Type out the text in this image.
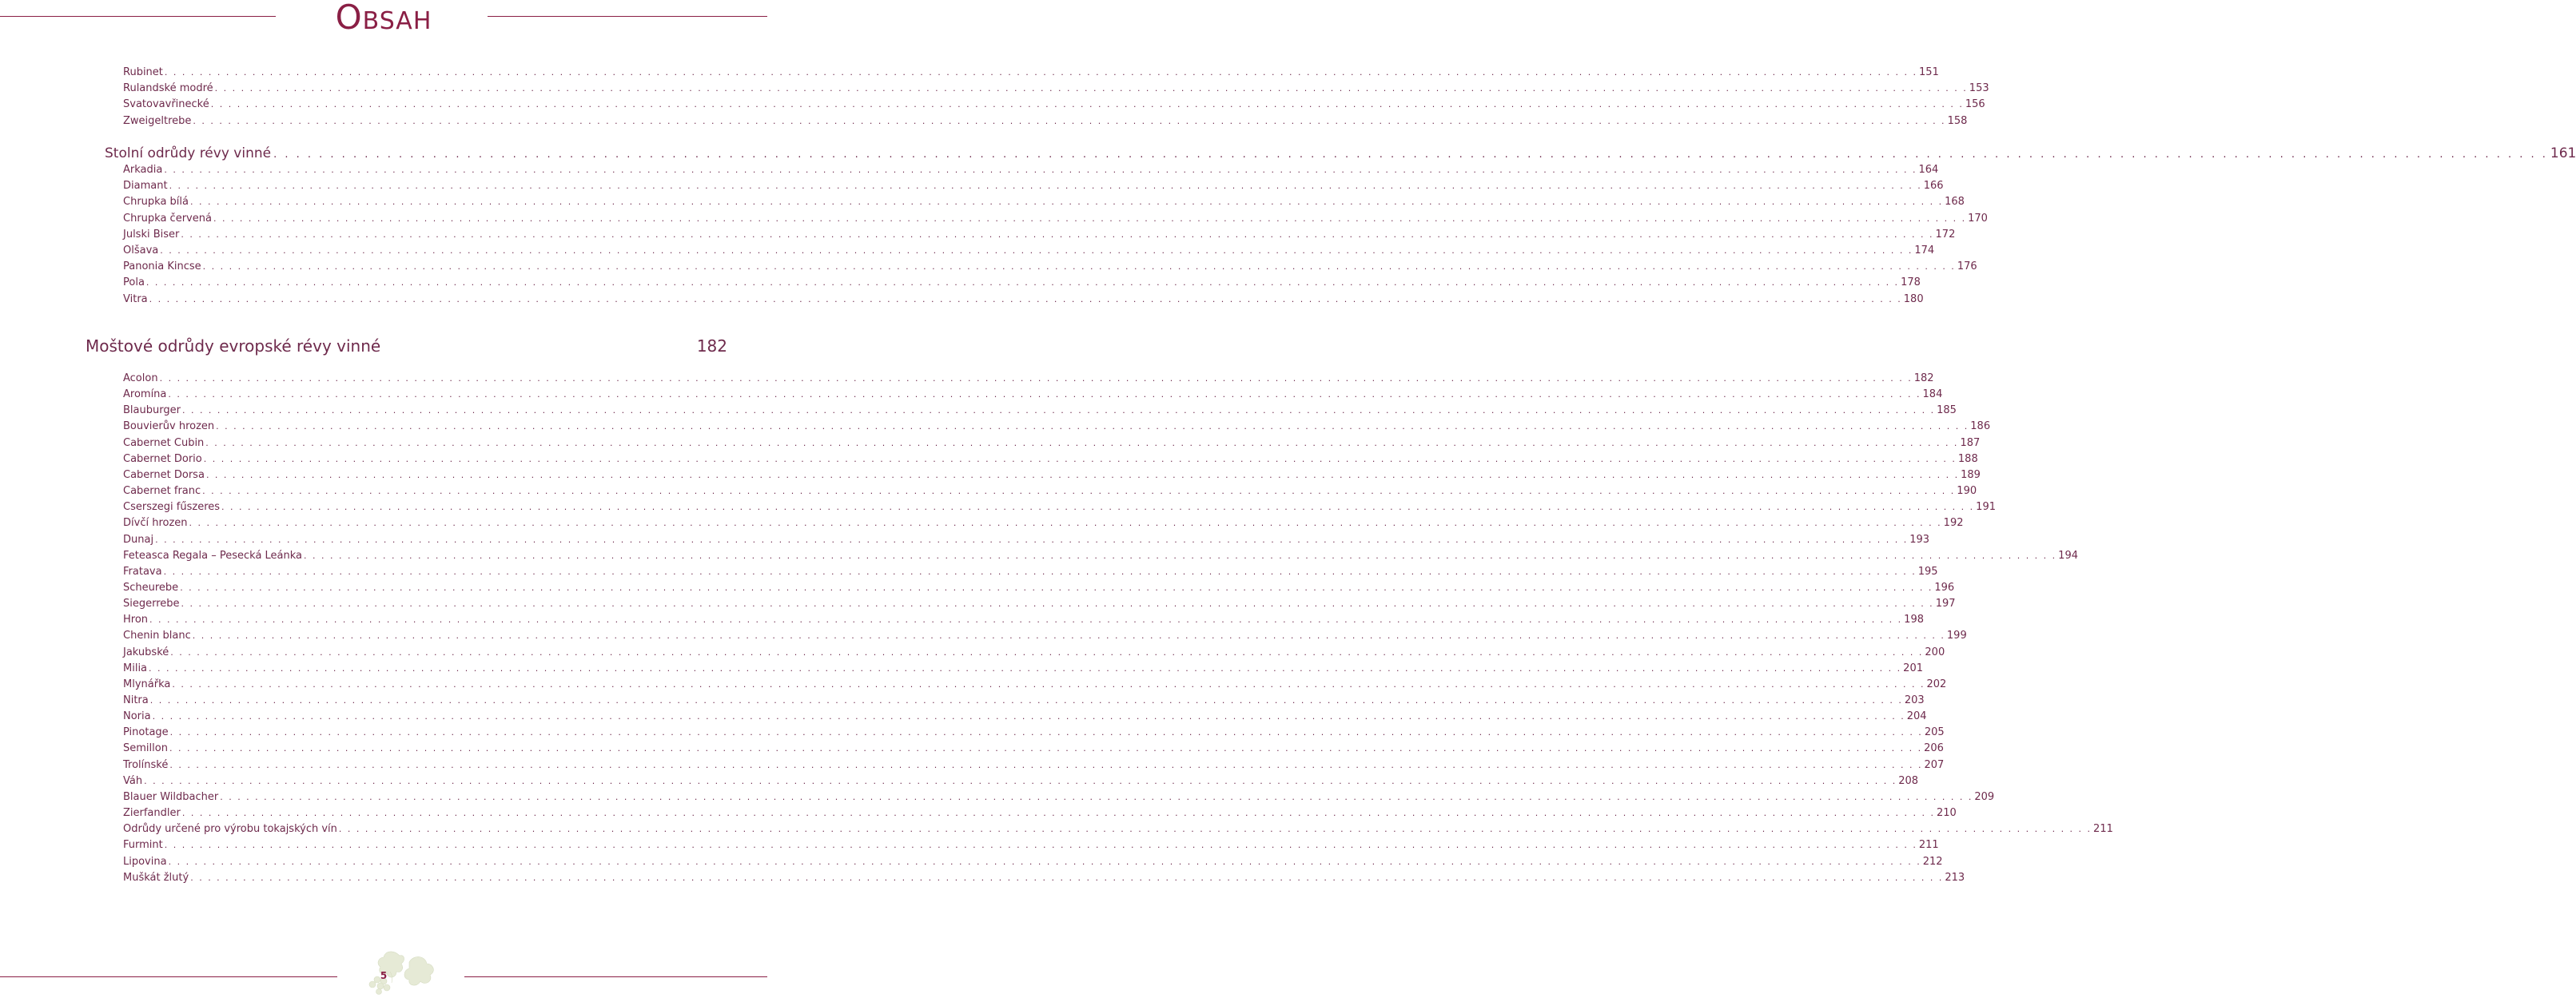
OBSAH
Rubinet . . . . . . . . . . . . . . . . . . . . . . . . . . . . . . . . . . . . . . . . . . . . . . . . . . . . . . . . . . . . . . . . . . . . . . . . . . . . . . . . . . . . . . . . . . . . . . . . . . . . . . . . . . . . . . . . . . . . . . . . . . . . . . . . . . . . . . . . . . . . . . . . . . . . . . . . . . . . . . . . . . . . . . . . . . . . . . . . . . . . . . . . . . . . . . . . . . . . . . . . 151
Rulandské modré . . . . . . . . . . . . . . . . . . . . . . . . . . . . . . . . . . . . . . . . . . . . . . . . . . . . . . . . . . . . . . . . . . . . . . . . . . . . . . . . . . . . . . . . . . . . . . . . . . . . . . . . . . . . . . . . . . . . . . . . . . . . . . . . . . . . . . . . . . . . . . . . . . . . . . . . . . . . . . . . . . . . . . . . . . . . . . . . . . . . . . . . . . . . . . . . . . . . . . . . 153
Svatovavřinecké . . . . . . . . . . . . . . . . . . . . . . . . . . . . . . . . . . . . . . . . . . . . . . . . . . . . . . . . . . . . . . . . . . . . . . . . . . . . . . . . . . . . . . . . . . . . . . . . . . . . . . . . . . . . . . . . . . . . . . . . . . . . . . . . . . . . . . . . . . . . . . . . . . . . . . . . . . . . . . . . . . . . . . . . . . . . . . . . . . . . . . . . . . . . . . . . . . . . . . . . 156
Zweigeltrebe . . . . . . . . . . . . . . . . . . . . . . . . . . . . . . . . . . . . . . . . . . . . . . . . . . . . . . . . . . . . . . . . . . . . . . . . . . . . . . . . . . . . . . . . . . . . . . . . . . . . . . . . . . . . . . . . . . . . . . . . . . . . . . . . . . . . . . . . . . . . . . . . . . . . . . . . . . . . . . . . . . . . . . . . . . . . . . . . . . . . . . . . . . . . . . . . . . . . . . . . 158
Stolní odrůdy révy vinné . . . . . . . . . . . . . . . . . . . . . . . . . . . . . . . . . . . . . . . . . . . . . . . . . . . . . . . . . . . . . . . . . . . . . . . . . . . . . . . . . . . . . . . . . . . . . . . . . . . . . . . . . . . . . . . . . . . . . . . . . . . . . . . . . . . . . . . . . . . . . . . . . . . . . . . . . . . . . . . . . . . . . . . . . . . . . . . . . . . . . . . . . . . . . . . . . . . . . . . . 161
Arkadia . . . . . . . . . . . . . . . . . . . . . . . . . . . . . . . . . . . . . . . . . . . . . . . . . . . . . . . . . . . . . . . . . . . . . . . . . . . . . . . . . . . . . . . . . . . . . . . . . . . . . . . . . . . . . . . . . . . . . . . . . . . . . . . . . . . . . . . . . . . . . . . . . . . . . . . . . . . . . . . . . . . . . . . . . . . . . . . . . . . . . . . . . . . . . . . . . . . . . . . . 164
Diamant . . . . . . . . . . . . . . . . . . . . . . . . . . . . . . . . . . . . . . . . . . . . . . . . . . . . . . . . . . . . . . . . . . . . . . . . . . . . . . . . . . . . . . . . . . . . . . . . . . . . . . . . . . . . . . . . . . . . . . . . . . . . . . . . . . . . . . . . . . . . . . . . . . . . . . . . . . . . . . . . . . . . . . . . . . . . . . . . . . . . . . . . . . . . . . . . . . . . . . . . 166
Chrupka bílá . . . . . . . . . . . . . . . . . . . . . . . . . . . . . . . . . . . . . . . . . . . . . . . . . . . . . . . . . . . . . . . . . . . . . . . . . . . . . . . . . . . . . . . . . . . . . . . . . . . . . . . . . . . . . . . . . . . . . . . . . . . . . . . . . . . . . . . . . . . . . . . . . . . . . . . . . . . . . . . . . . . . . . . . . . . . . . . . . . . . . . . . . . . . . . . . . . . . . . . . 168
Chrupka červená . . . . . . . . . . . . . . . . . . . . . . . . . . . . . . . . . . . . . . . . . . . . . . . . . . . . . . . . . . . . . . . . . . . . . . . . . . . . . . . . . . . . . . . . . . . . . . . . . . . . . . . . . . . . . . . . . . . . . . . . . . . . . . . . . . . . . . . . . . . . . . . . . . . . . . . . . . . . . . . . . . . . . . . . . . . . . . . . . . . . . . . . . . . . . . . . . . . . . . . . 170
Julski Biser . . . . . . . . . . . . . . . . . . . . . . . . . . . . . . . . . . . . . . . . . . . . . . . . . . . . . . . . . . . . . . . . . . . . . . . . . . . . . . . . . . . . . . . . . . . . . . . . . . . . . . . . . . . . . . . . . . . . . . . . . . . . . . . . . . . . . . . . . . . . . . . . . . . . . . . . . . . . . . . . . . . . . . . . . . . . . . . . . . . . . . . . . . . . . . . . . . . . . . . . 172
Olšava . . . . . . . . . . . . . . . . . . . . . . . . . . . . . . . . . . . . . . . . . . . . . . . . . . . . . . . . . . . . . . . . . . . . . . . . . . . . . . . . . . . . . . . . . . . . . . . . . . . . . . . . . . . . . . . . . . . . . . . . . . . . . . . . . . . . . . . . . . . . . . . . . . . . . . . . . . . . . . . . . . . . . . . . . . . . . . . . . . . . . . . . . . . . . . . . . . . . . . . . 174
Panonia Kincse . . . . . . . . . . . . . . . . . . . . . . . . . . . . . . . . . . . . . . . . . . . . . . . . . . . . . . . . . . . . . . . . . . . . . . . . . . . . . . . . . . . . . . . . . . . . . . . . . . . . . . . . . . . . . . . . . . . . . . . . . . . . . . . . . . . . . . . . . . . . . . . . . . . . . . . . . . . . . . . . . . . . . . . . . . . . . . . . . . . . . . . . . . . . . . . . . . . . . . . . 176
Pola . . . . . . . . . . . . . . . . . . . . . . . . . . . . . . . . . . . . . . . . . . . . . . . . . . . . . . . . . . . . . . . . . . . . . . . . . . . . . . . . . . . . . . . . . . . . . . . . . . . . . . . . . . . . . . . . . . . . . . . . . . . . . . . . . . . . . . . . . . . . . . . . . . . . . . . . . . . . . . . . . . . . . . . . . . . . . . . . . . . . . . . . . . . . . . . . . . . . . . . . 178
Vitra . . . . . . . . . . . . . . . . . . . . . . . . . . . . . . . . . . . . . . . . . . . . . . . . . . . . . . . . . . . . . . . . . . . . . . . . . . . . . . . . . . . . . . . . . . . . . . . . . . . . . . . . . . . . . . . . . . . . . . . . . . . . . . . . . . . . . . . . . . . . . . . . . . . . . . . . . . . . . . . . . . . . . . . . . . . . . . . . . . . . . . . . . . . . . . . . . . . . . . . . 180
Moštové odrůdy evropské révy vinné	182
Acolon . . . . . . . . . . . . . . . . . . . . . . . . . . . . . . . . . . . . . . . . . . . . . . . . . . . . . . . . . . . . . . . . . . . . . . . . . . . . . . . . . . . . . . . . . . . . . . . . . . . . . . . . . . . . . . . . . . . . . . . . . . . . . . . . . . . . . . . . . . . . . . . . . . . . . . . . . . . . . . . . . . . . . . . . . . . . . . . . . . . . . . . . . . . . . . . . . . . . . . . . 182
Aromína . . . . . . . . . . . . . . . . . . . . . . . . . . . . . . . . . . . . . . . . . . . . . . . . . . . . . . . . . . . . . . . . . . . . . . . . . . . . . . . . . . . . . . . . . . . . . . . . . . . . . . . . . . . . . . . . . . . . . . . . . . . . . . . . . . . . . . . . . . . . . . . . . . . . . . . . . . . . . . . . . . . . . . . . . . . . . . . . . . . . . . . . . . . . . . . . . . . . . . . . 184
Blauburger . . . . . . . . . . . . . . . . . . . . . . . . . . . . . . . . . . . . . . . . . . . . . . . . . . . . . . . . . . . . . . . . . . . . . . . . . . . . . . . . . . . . . . . . . . . . . . . . . . . . . . . . . . . . . . . . . . . . . . . . . . . . . . . . . . . . . . . . . . . . . . . . . . . . . . . . . . . . . . . . . . . . . . . . . . . . . . . . . . . . . . . . . . . . . . . . . . . . . . . . 185
Bouvierův hrozen . . . . . . . . . . . . . . . . . . . . . . . . . . . . . . . . . . . . . . . . . . . . . . . . . . . . . . . . . . . . . . . . . . . . . . . . . . . . . . . . . . . . . . . . . . . . . . . . . . . . . . . . . . . . . . . . . . . . . . . . . . . . . . . . . . . . . . . . . . . . . . . . . . . . . . . . . . . . . . . . . . . . . . . . . . . . . . . . . . . . . . . . . . . . . . . . . . . . . . . . 186
Cabernet Cubin . . . . . . . . . . . . . . . . . . . . . . . . . . . . . . . . . . . . . . . . . . . . . . . . . . . . . . . . . . . . . . . . . . . . . . . . . . . . . . . . . . . . . . . . . . . . . . . . . . . . . . . . . . . . . . . . . . . . . . . . . . . . . . . . . . . . . . . . . . . . . . . . . . . . . . . . . . . . . . . . . . . . . . . . . . . . . . . . . . . . . . . . . . . . . . . . . . . . . . . . 187
Cabernet Dorio . . . . . . . . . . . . . . . . . . . . . . . . . . . . . . . . . . . . . . . . . . . . . . . . . . . . . . . . . . . . . . . . . . . . . . . . . . . . . . . . . . . . . . . . . . . . . . . . . . . . . . . . . . . . . . . . . . . . . . . . . . . . . . . . . . . . . . . . . . . . . . . . . . . . . . . . . . . . . . . . . . . . . . . . . . . . . . . . . . . . . . . . . . . . . . . . . . . . . . . . 188
Cabernet Dorsa . . . . . . . . . . . . . . . . . . . . . . . . . . . . . . . . . . . . . . . . . . . . . . . . . . . . . . . . . . . . . . . . . . . . . . . . . . . . . . . . . . . . . . . . . . . . . . . . . . . . . . . . . . . . . . . . . . . . . . . . . . . . . . . . . . . . . . . . . . . . . . . . . . . . . . . . . . . . . . . . . . . . . . . . . . . . . . . . . . . . . . . . . . . . . . . . . . . . . . . . 189
Cabernet franc . . . . . . . . . . . . . . . . . . . . . . . . . . . . . . . . . . . . . . . . . . . . . . . . . . . . . . . . . . . . . . . . . . . . . . . . . . . . . . . . . . . . . . . . . . . . . . . . . . . . . . . . . . . . . . . . . . . . . . . . . . . . . . . . . . . . . . . . . . . . . . . . . . . . . . . . . . . . . . . . . . . . . . . . . . . . . . . . . . . . . . . . . . . . . . . . . . . . . . . . 190
Cserszegi fűszeres . . . . . . . . . . . . . . . . . . . . . . . . . . . . . . . . . . . . . . . . . . . . . . . . . . . . . . . . . . . . . . . . . . . . . . . . . . . . . . . . . . . . . . . . . . . . . . . . . . . . . . . . . . . . . . . . . . . . . . . . . . . . . . . . . . . . . . . . . . . . . . . . . . . . . . . . . . . . . . . . . . . . . . . . . . . . . . . . . . . . . . . . . . . . . . . . . . . . . . . . 191
Dívčí hrozen . . . . . . . . . . . . . . . . . . . . . . . . . . . . . . . . . . . . . . . . . . . . . . . . . . . . . . . . . . . . . . . . . . . . . . . . . . . . . . . . . . . . . . . . . . . . . . . . . . . . . . . . . . . . . . . . . . . . . . . . . . . . . . . . . . . . . . . . . . . . . . . . . . . . . . . . . . . . . . . . . . . . . . . . . . . . . . . . . . . . . . . . . . . . . . . . . . . . . . . . 192
Dunaj . . . . . . . . . . . . . . . . . . . . . . . . . . . . . . . . . . . . . . . . . . . . . . . . . . . . . . . . . . . . . . . . . . . . . . . . . . . . . . . . . . . . . . . . . . . . . . . . . . . . . . . . . . . . . . . . . . . . . . . . . . . . . . . . . . . . . . . . . . . . . . . . . . . . . . . . . . . . . . . . . . . . . . . . . . . . . . . . . . . . . . . . . . . . . . . . . . . . . . . . 193
Feteasca Regala – Pesecká Leánka . . . . . . . . . . . . . . . . . . . . . . . . . . . . . . . . . . . . . . . . . . . . . . . . . . . . . . . . . . . . . . . . . . . . . . . . . . . . . . . . . . . . . . . . . . . . . . . . . . . . . . . . . . . . . . . . . . . . . . . . . . . . . . . . . . . . . . . . . . . . . . . . . . . . . . . . . . . . . . . . . . . . . . . . . . . . . . . . . . . . . . . . . . . . . . . . . . . . . . . . 194
Fratava . . . . . . . . . . . . . . . . . . . . . . . . . . . . . . . . . . . . . . . . . . . . . . . . . . . . . . . . . . . . . . . . . . . . . . . . . . . . . . . . . . . . . . . . . . . . . . . . . . . . . . . . . . . . . . . . . . . . . . . . . . . . . . . . . . . . . . . . . . . . . . . . . . . . . . . . . . . . . . . . . . . . . . . . . . . . . . . . . . . . . . . . . . . . . . . . . . . . . . . . 195
Scheurebe . . . . . . . . . . . . . . . . . . . . . . . . . . . . . . . . . . . . . . . . . . . . . . . . . . . . . . . . . . . . . . . . . . . . . . . . . . . . . . . . . . . . . . . . . . . . . . . . . . . . . . . . . . . . . . . . . . . . . . . . . . . . . . . . . . . . . . . . . . . . . . . . . . . . . . . . . . . . . . . . . . . . . . . . . . . . . . . . . . . . . . . . . . . . . . . . . . . . . . . . 196
Siegerrebe . . . . . . . . . . . . . . . . . . . . . . . . . . . . . . . . . . . . . . . . . . . . . . . . . . . . . . . . . . . . . . . . . . . . . . . . . . . . . . . . . . . . . . . . . . . . . . . . . . . . . . . . . . . . . . . . . . . . . . . . . . . . . . . . . . . . . . . . . . . . . . . . . . . . . . . . . . . . . . . . . . . . . . . . . . . . . . . . . . . . . . . . . . . . . . . . . . . . . . . . 197
Hron . . . . . . . . . . . . . . . . . . . . . . . . . . . . . . . . . . . . . . . . . . . . . . . . . . . . . . . . . . . . . . . . . . . . . . . . . . . . . . . . . . . . . . . . . . . . . . . . . . . . . . . . . . . . . . . . . . . . . . . . . . . . . . . . . . . . . . . . . . . . . . . . . . . . . . . . . . . . . . . . . . . . . . . . . . . . . . . . . . . . . . . . . . . . . . . . . . . . . . . . 198
Chenin blanc . . . . . . . . . . . . . . . . . . . . . . . . . . . . . . . . . . . . . . . . . . . . . . . . . . . . . . . . . . . . . . . . . . . . . . . . . . . . . . . . . . . . . . . . . . . . . . . . . . . . . . . . . . . . . . . . . . . . . . . . . . . . . . . . . . . . . . . . . . . . . . . . . . . . . . . . . . . . . . . . . . . . . . . . . . . . . . . . . . . . . . . . . . . . . . . . . . . . . . . . 199
Jakubské . . . . . . . . . . . . . . . . . . . . . . . . . . . . . . . . . . . . . . . . . . . . . . . . . . . . . . . . . . . . . . . . . . . . . . . . . . . . . . . . . . . . . . . . . . . . . . . . . . . . . . . . . . . . . . . . . . . . . . . . . . . . . . . . . . . . . . . . . . . . . . . . . . . . . . . . . . . . . . . . . . . . . . . . . . . . . . . . . . . . . . . . . . . . . . . . . . . . . . . . 200
Milia . . . . . . . . . . . . . . . . . . . . . . . . . . . . . . . . . . . . . . . . . . . . . . . . . . . . . . . . . . . . . . . . . . . . . . . . . . . . . . . . . . . . . . . . . . . . . . . . . . . . . . . . . . . . . . . . . . . . . . . . . . . . . . . . . . . . . . . . . . . . . . . . . . . . . . . . . . . . . . . . . . . . . . . . . . . . . . . . . . . . . . . . . . . . . . . . . . . . . . . . 201
Mlynářka . . . . . . . . . . . . . . . . . . . . . . . . . . . . . . . . . . . . . . . . . . . . . . . . . . . . . . . . . . . . . . . . . . . . . . . . . . . . . . . . . . . . . . . . . . . . . . . . . . . . . . . . . . . . . . . . . . . . . . . . . . . . . . . . . . . . . . . . . . . . . . . . . . . . . . . . . . . . . . . . . . . . . . . . . . . . . . . . . . . . . . . . . . . . . . . . . . . . . . . . 202
Nitra . . . . . . . . . . . . . . . . . . . . . . . . . . . . . . . . . . . . . . . . . . . . . . . . . . . . . . . . . . . . . . . . . . . . . . . . . . . . . . . . . . . . . . . . . . . . . . . . . . . . . . . . . . . . . . . . . . . . . . . . . . . . . . . . . . . . . . . . . . . . . . . . . . . . . . . . . . . . . . . . . . . . . . . . . . . . . . . . . . . . . . . . . . . . . . . . . . . . . . . . 203
Noria . . . . . . . . . . . . . . . . . . . . . . . . . . . . . . . . . . . . . . . . . . . . . . . . . . . . . . . . . . . . . . . . . . . . . . . . . . . . . . . . . . . . . . . . . . . . . . . . . . . . . . . . . . . . . . . . . . . . . . . . . . . . . . . . . . . . . . . . . . . . . . . . . . . . . . . . . . . . . . . . . . . . . . . . . . . . . . . . . . . . . . . . . . . . . . . . . . . . . . . . 204
Pinotage . . . . . . . . . . . . . . . . . . . . . . . . . . . . . . . . . . . . . . . . . . . . . . . . . . . . . . . . . . . . . . . . . . . . . . . . . . . . . . . . . . . . . . . . . . . . . . . . . . . . . . . . . . . . . . . . . . . . . . . . . . . . . . . . . . . . . . . . . . . . . . . . . . . . . . . . . . . . . . . . . . . . . . . . . . . . . . . . . . . . . . . . . . . . . . . . . . . . . . . . 205
Semillon . . . . . . . . . . . . . . . . . . . . . . . . . . . . . . . . . . . . . . . . . . . . . . . . . . . . . . . . . . . . . . . . . . . . . . . . . . . . . . . . . . . . . . . . . . . . . . . . . . . . . . . . . . . . . . . . . . . . . . . . . . . . . . . . . . . . . . . . . . . . . . . . . . . . . . . . . . . . . . . . . . . . . . . . . . . . . . . . . . . . . . . . . . . . . . . . . . . . . . . . 206
Trolínské . . . . . . . . . . . . . . . . . . . . . . . . . . . . . . . . . . . . . . . . . . . . . . . . . . . . . . . . . . . . . . . . . . . . . . . . . . . . . . . . . . . . . . . . . . . . . . . . . . . . . . . . . . . . . . . . . . . . . . . . . . . . . . . . . . . . . . . . . . . . . . . . . . . . . . . . . . . . . . . . . . . . . . . . . . . . . . . . . . . . . . . . . . . . . . . . . . . . . . . . 207
Váh . . . . . . . . . . . . . . . . . . . . . . . . . . . . . . . . . . . . . . . . . . . . . . . . . . . . . . . . . . . . . . . . . . . . . . . . . . . . . . . . . . . . . . . . . . . . . . . . . . . . . . . . . . . . . . . . . . . . . . . . . . . . . . . . . . . . . . . . . . . . . . . . . . . . . . . . . . . . . . . . . . . . . . . . . . . . . . . . . . . . . . . . . . . . . . . . . . . . . . . . 208
Blauer Wildbacher . . . . . . . . . . . . . . . . . . . . . . . . . . . . . . . . . . . . . . . . . . . . . . . . . . . . . . . . . . . . . . . . . . . . . . . . . . . . . . . . . . . . . . . . . . . . . . . . . . . . . . . . . . . . . . . . . . . . . . . . . . . . . . . . . . . . . . . . . . . . . . . . . . . . . . . . . . . . . . . . . . . . . . . . . . . . . . . . . . . . . . . . . . . . . . . . . . . . . . . . 209
Zierfandler . . . . . . . . . . . . . . . . . . . . . . . . . . . . . . . . . . . . . . . . . . . . . . . . . . . . . . . . . . . . . . . . . . . . . . . . . . . . . . . . . . . . . . . . . . . . . . . . . . . . . . . . . . . . . . . . . . . . . . . . . . . . . . . . . . . . . . . . . . . . . . . . . . . . . . . . . . . . . . . . . . . . . . . . . . . . . . . . . . . . . . . . . . . . . . . . . . . . . . . . 210
Odrůdy určené pro výrobu tokajských vín . . . . . . . . . . . . . . . . . . . . . . . . . . . . . . . . . . . . . . . . . . . . . . . . . . . . . . . . . . . . . . . . . . . . . . . . . . . . . . . . . . . . . . . . . . . . . . . . . . . . . . . . . . . . . . . . . . . . . . . . . . . . . . . . . . . . . . . . . . . . . . . . . . . . . . . . . . . . . . . . . . . . . . . . . . . . . . . . . . . . . . . . . . . . . . . . . . . . . . . . 211
Furmint . . . . . . . . . . . . . . . . . . . . . . . . . . . . . . . . . . . . . . . . . . . . . . . . . . . . . . . . . . . . . . . . . . . . . . . . . . . . . . . . . . . . . . . . . . . . . . . . . . . . . . . . . . . . . . . . . . . . . . . . . . . . . . . . . . . . . . . . . . . . . . . . . . . . . . . . . . . . . . . . . . . . . . . . . . . . . . . . . . . . . . . . . . . . . . . . . . . . . . . . 211
Lipovina . . . . . . . . . . . . . . . . . . . . . . . . . . . . . . . . . . . . . . . . . . . . . . . . . . . . . . . . . . . . . . . . . . . . . . . . . . . . . . . . . . . . . . . . . . . . . . . . . . . . . . . . . . . . . . . . . . . . . . . . . . . . . . . . . . . . . . . . . . . . . . . . . . . . . . . . . . . . . . . . . . . . . . . . . . . . . . . . . . . . . . . . . . . . . . . . . . . . . . . . 212
Muškát žlutý . . . . . . . . . . . . . . . . . . . . . . . . . . . . . . . . . . . . . . . . . . . . . . . . . . . . . . . . . . . . . . . . . . . . . . . . . . . . . . . . . . . . . . . . . . . . . . . . . . . . . . . . . . . . . . . . . . . . . . . . . . . . . . . . . . . . . . . . . . . . . . . . . . . . . . . . . . . . . . . . . . . . . . . . . . . . . . . . . . . . . . . . . . . . . . . . . . . . . . . . 213
5
